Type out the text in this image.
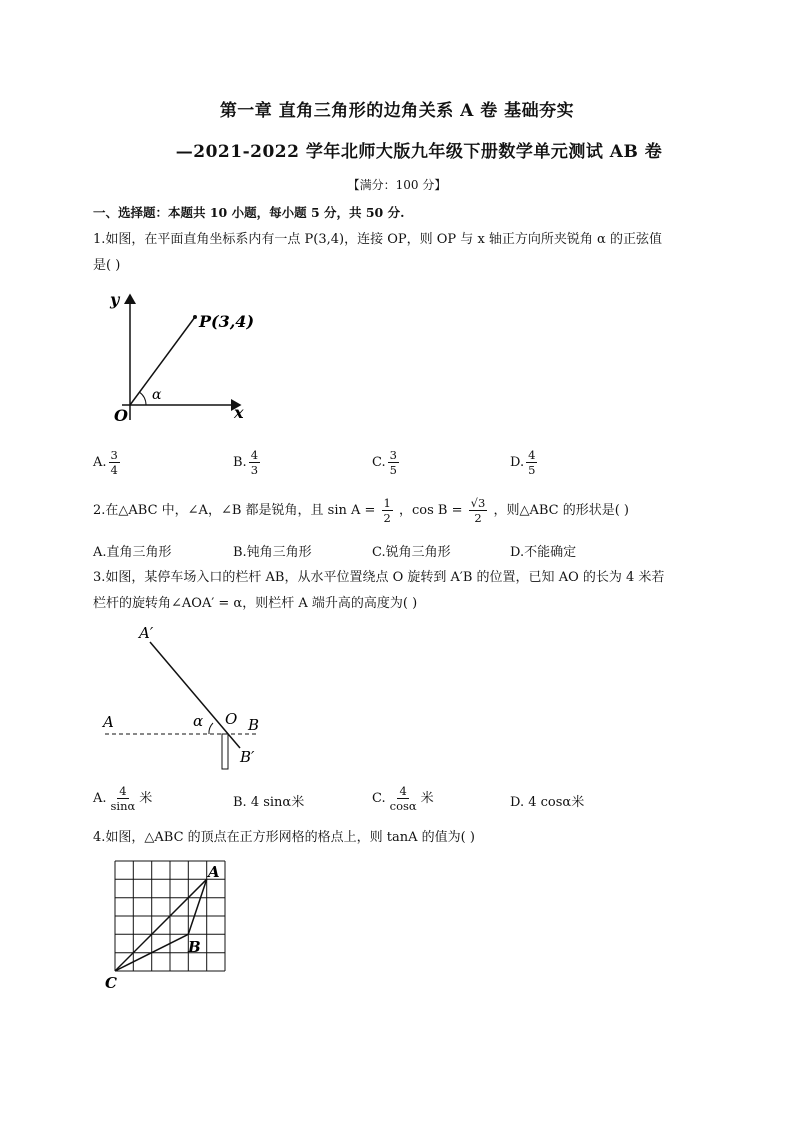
第一章 直角三角形的边角关系 A 卷 基础夯实
—2021-2022 学年北师大版九年级下册数学单元测试 AB 卷
【满分：100 分】
一、选择题：本题共 10 小题，每小题 5 分，共 50 分.
1.如图，在平面直角坐标系内有一点 P(3,4)，连接 OP，则 OP 与 x 轴正方向所夹锐角 α 的正弦值
是( )
y
x
O
P(3,4)
α
A. $\frac{3}{4}$	B. $\frac{4}{3}$	C. $\frac{3}{5}$	D. $\frac{4}{5}$
2.在△ABC 中，∠A，∠B 都是锐角，且 $\sin A = \frac{1}{2}$ ，$\cos B = \frac{√3}{2}$ ，则△ABC 的形状是( )
A.直角三角形	B.钝角三角形	C.锐角三角形	D.不能确定
3.如图，某停车场入口的栏杆 AB，从水平位置绕点 O 旋转到 A′B 的位置，已知 AO 的长为 4 米若
栏杆的旋转角∠AOA′ = α，则栏杆 A 端升高的高度为( )
A′
A	α O B
B′
A. $\frac{4}{\sin\alpha}$ 米	B. 4 sinα米	C. $\frac{4}{\cos\alpha}$ 米	D. 4 cosα米
4.如图，△ABC 的顶点在正方形网格的格点上，则 tanA 的值为( )
A
B
C
